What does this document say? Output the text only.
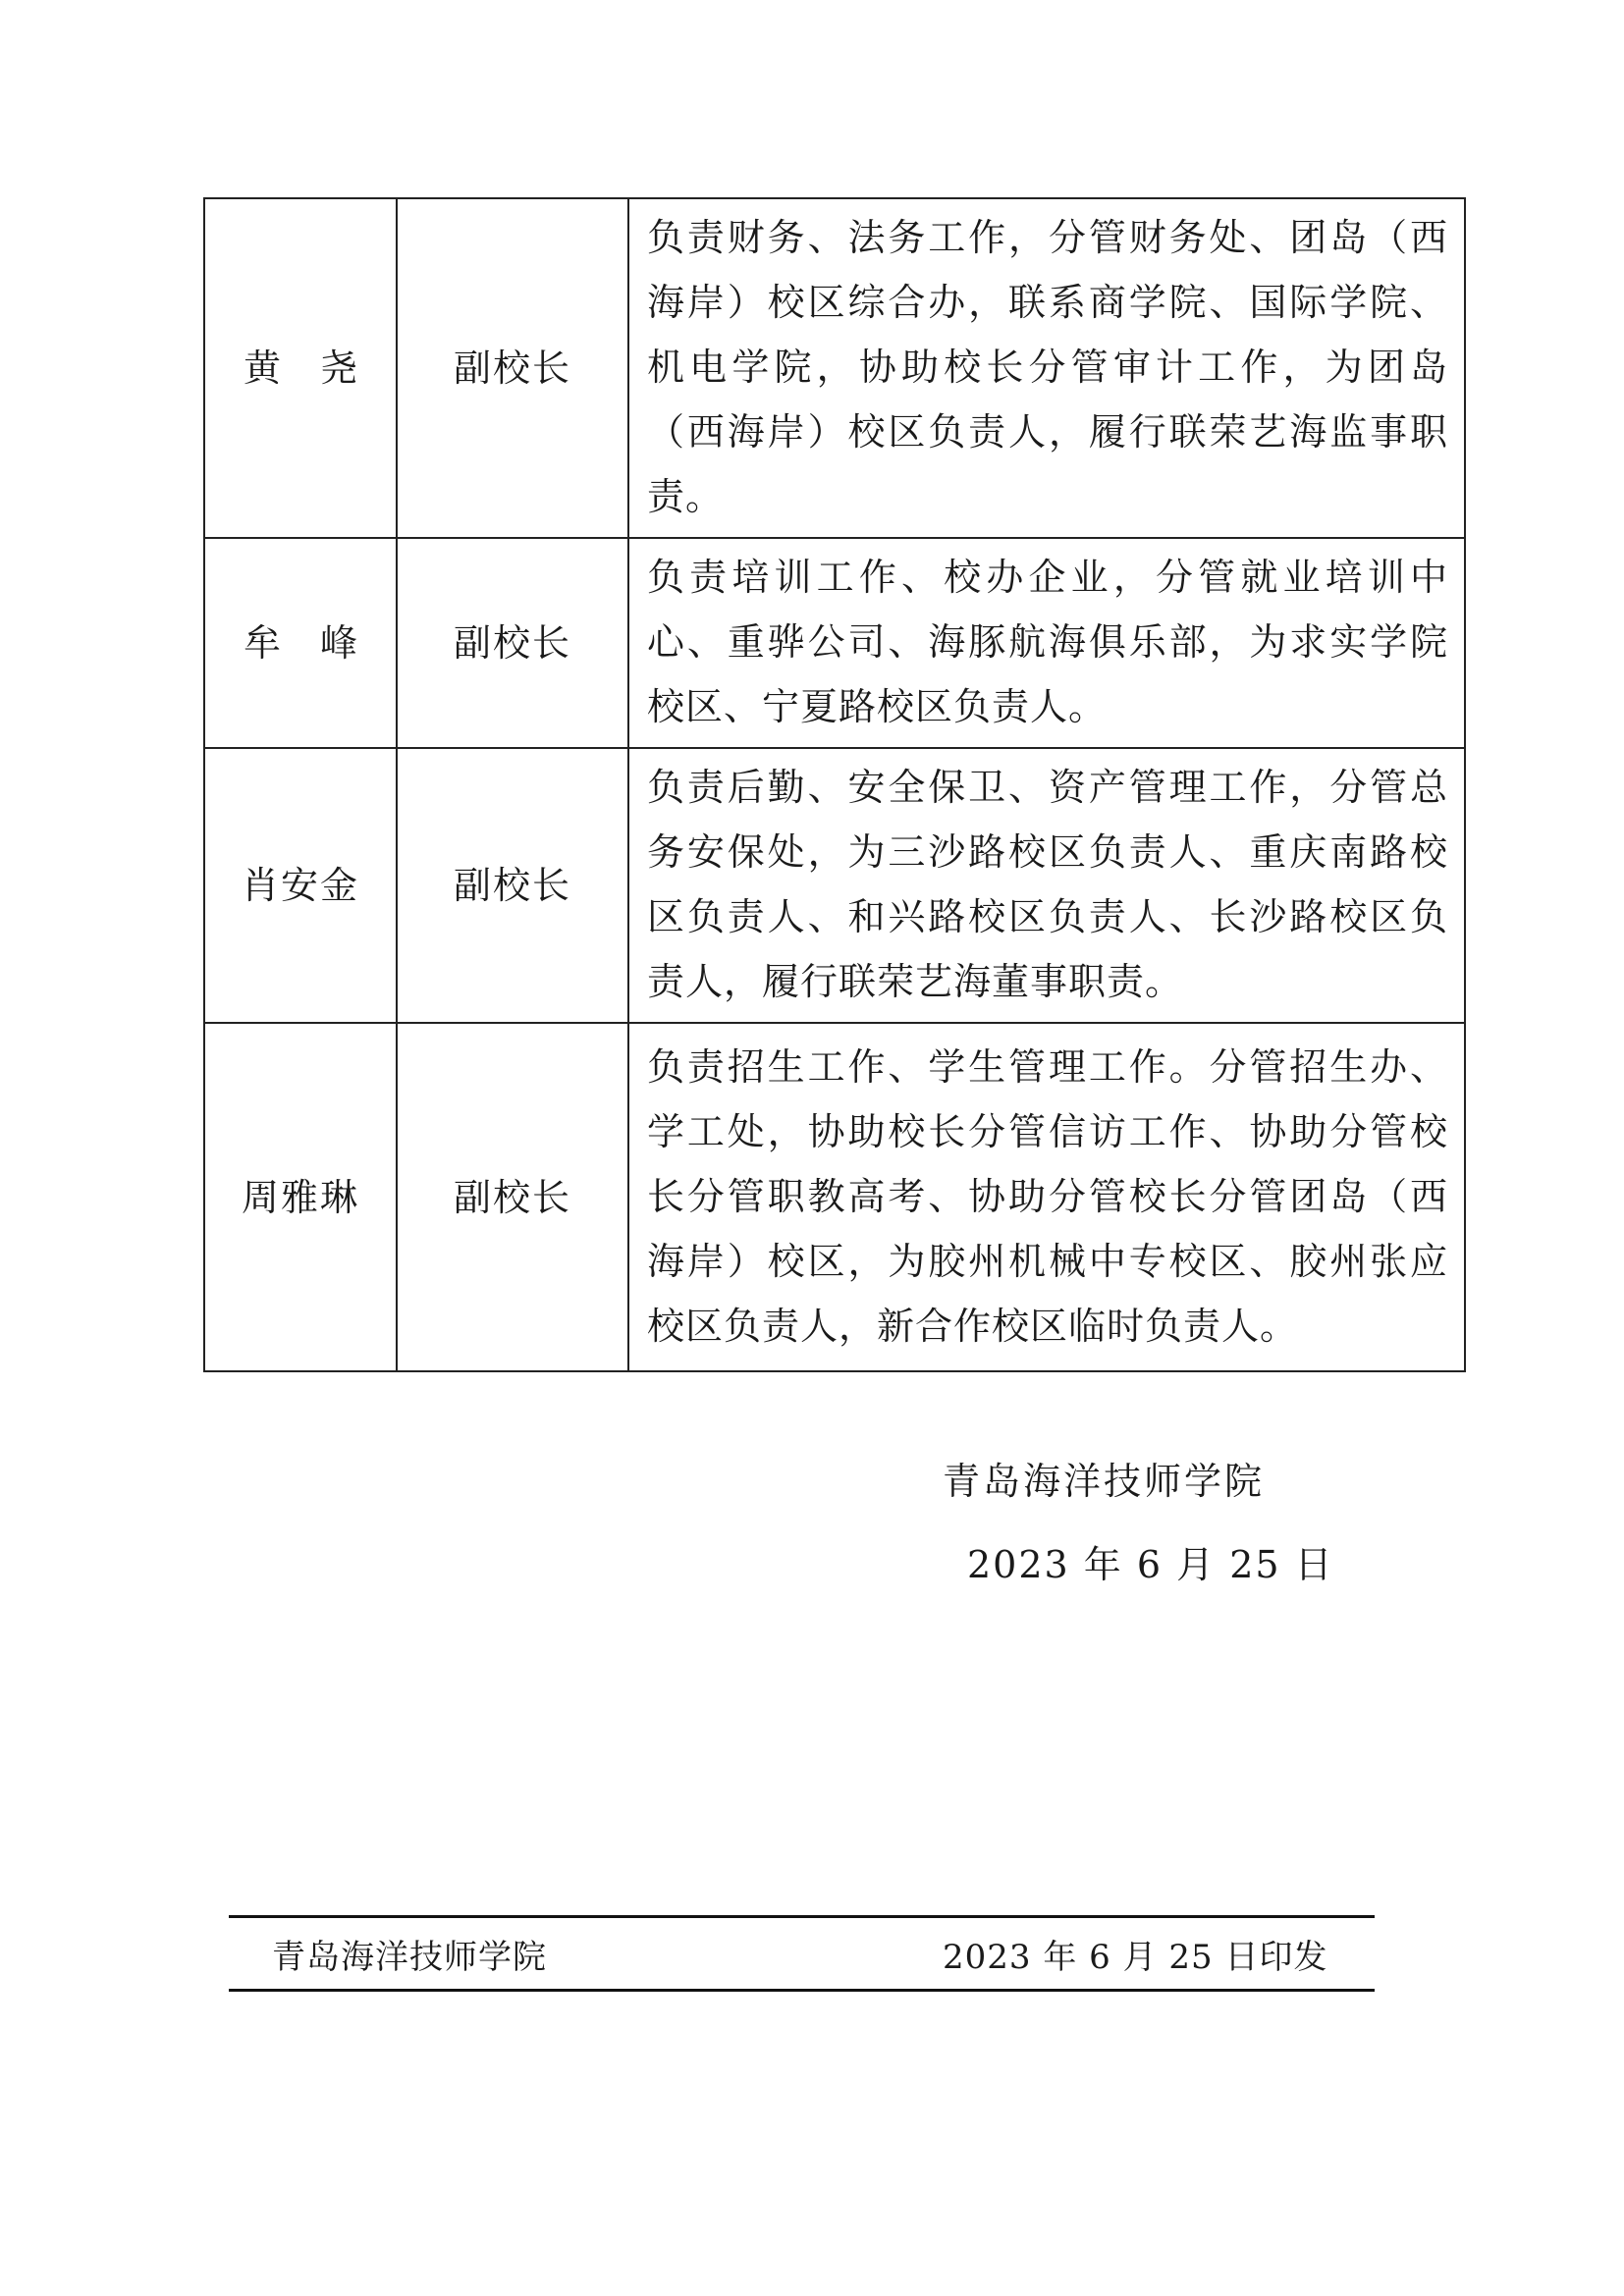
黄尧	副校长	负责财务、法务工作，分管财务处、团岛（西海岸）校区综合办，联系商学院、国际学院、机电学院，协助校长分管审计工作，为团岛（西海岸）校区负责人，履行联荣艺海监事职责。
牟峰	副校长	负责培训工作、校办企业，分管就业培训中心、重骅公司、海豚航海俱乐部，为求实学院校区、宁夏路校区负责人。
肖安金	副校长	负责后勤、安全保卫、资产管理工作，分管总务安保处，为三沙路校区负责人、重庆南路校区负责人、和兴路校区负责人、长沙路校区负责人，履行联荣艺海董事职责。
周雅琳	副校长	负责招生工作、学生管理工作。分管招生办、学工处，协助校长分管信访工作、协助分管校长分管职教高考、协助分管校长分管团岛（西海岸）校区，为胶州机械中专校区、胶州张应校区负责人，新合作校区临时负责人。
青岛海洋技师学院
2023 年 6 月 25 日
青岛海洋技师学院	2023 年 6 月 25 日印发
